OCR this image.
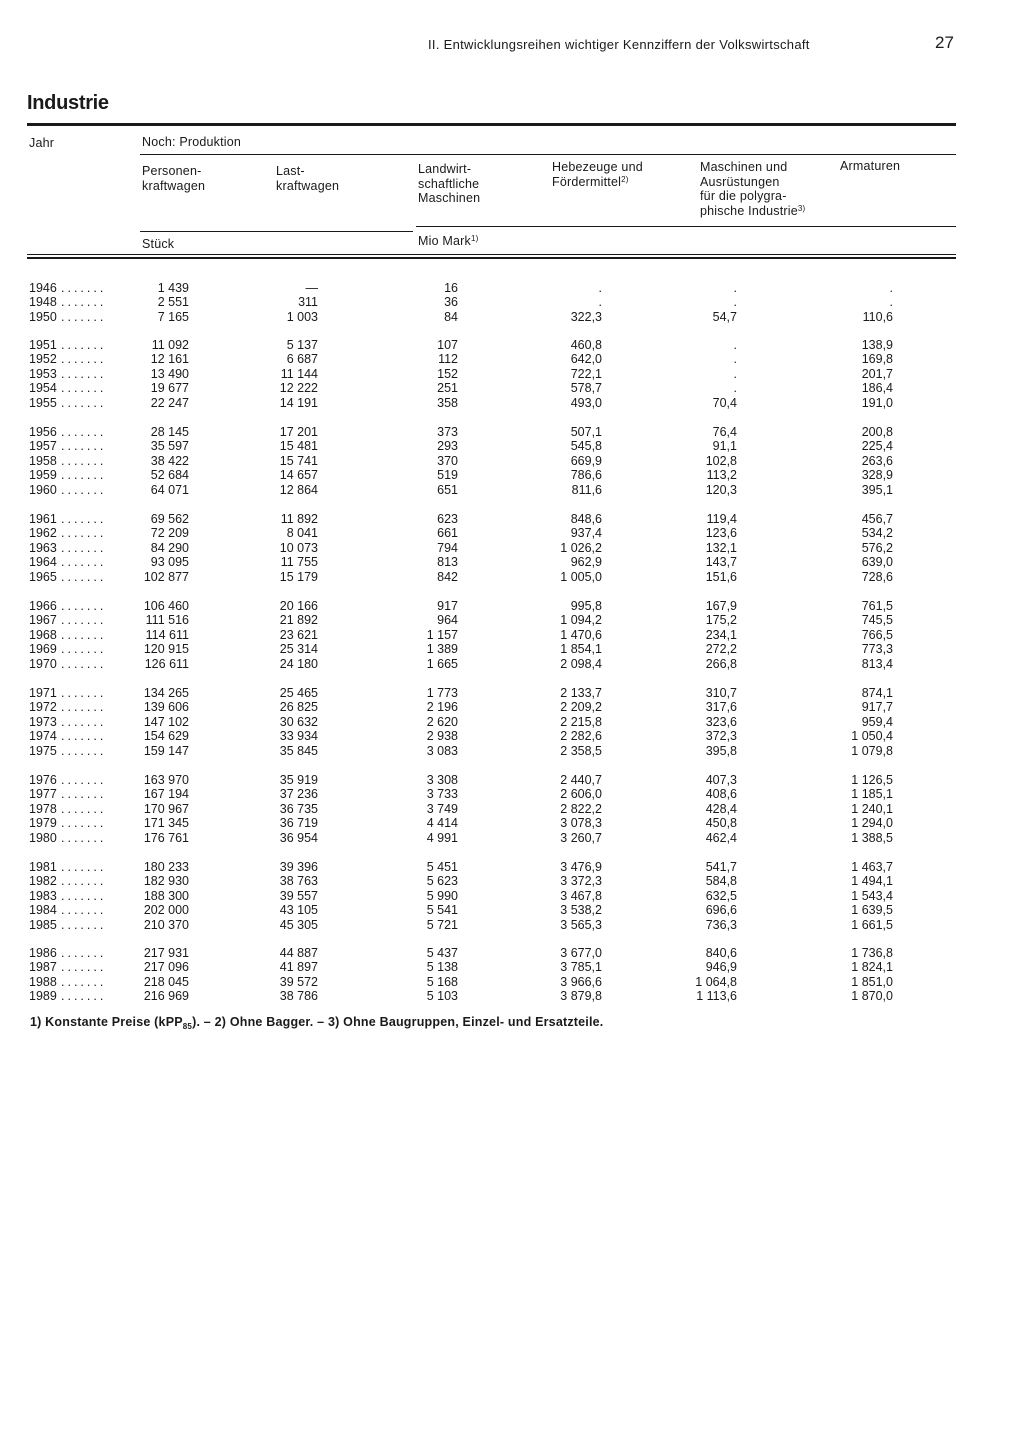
II. Entwicklungsreihen wichtiger Kennziffern der Volkswirtschaft	27
Industrie
Jahr	Noch: Produktion
Personen-
kraftwagen
Last-
kraftwagen
Landwirt-
schaftliche
Maschinen
Hebezeuge und
Fördermittel$^{2)}$
Maschinen und
Ausrüstungen
für die polygra-
phische Industrie$^{3)}$
Armaturen
Stück	Mio Mark$^{1)}$
1946 .......	1 439	—	16	.	.	.
1948 .......	2 551	311	36	.	.	.
1950 .......	7 165	1 003	84	322,3	54,7	110,6
1951 .......	11 092	5 137	107	460,8	.	138,9
1952 .......	12 161	6 687	112	642,0	.	169,8
1953 .......	13 490	11 144	152	722,1	.	201,7
1954 .......	19 677	12 222	251	578,7	.	186,4
1955 .......	22 247	14 191	358	493,0	70,4	191,0
1956 .......	28 145	17 201	373	507,1	76,4	200,8
1957 .......	35 597	15 481	293	545,8	91,1	225,4
1958 .......	38 422	15 741	370	669,9	102,8	263,6
1959 .......	52 684	14 657	519	786,6	113,2	328,9
1960 .......	64 071	12 864	651	811,6	120,3	395,1
1961 .......	69 562	11 892	623	848,6	119,4	456,7
1962 .......	72 209	8 041	661	937,4	123,6	534,2
1963 .......	84 290	10 073	794	1 026,2	132,1	576,2
1964 .......	93 095	11 755	813	962,9	143,7	639,0
1965 .......	102 877	15 179	842	1 005,0	151,6	728,6
1966 .......	106 460	20 166	917	995,8	167,9	761,5
1967 .......	111 516	21 892	964	1 094,2	175,2	745,5
1968 .......	114 611	23 621	1 157	1 470,6	234,1	766,5
1969 .......	120 915	25 314	1 389	1 854,1	272,2	773,3
1970 .......	126 611	24 180	1 665	2 098,4	266,8	813,4
1971 .......	134 265	25 465	1 773	2 133,7	310,7	874,1
1972 .......	139 606	26 825	2 196	2 209,2	317,6	917,7
1973 .......	147 102	30 632	2 620	2 215,8	323,6	959,4
1974 .......	154 629	33 934	2 938	2 282,6	372,3	1 050,4
1975 .......	159 147	35 845	3 083	2 358,5	395,8	1 079,8
1976 .......	163 970	35 919	3 308	2 440,7	407,3	1 126,5
1977 .......	167 194	37 236	3 733	2 606,0	408,6	1 185,1
1978 .......	170 967	36 735	3 749	2 822,2	428,4	1 240,1
1979 .......	171 345	36 719	4 414	3 078,3	450,8	1 294,0
1980 .......	176 761	36 954	4 991	3 260,7	462,4	1 388,5
1981 .......	180 233	39 396	5 451	3 476,9	541,7	1 463,7
1982 .......	182 930	38 763	5 623	3 372,3	584,8	1 494,1
1983 .......	188 300	39 557	5 990	3 467,8	632,5	1 543,4
1984 .......	202 000	43 105	5 541	3 538,2	696,6	1 639,5
1985 .......	210 370	45 305	5 721	3 565,3	736,3	1 661,5
1986 .......	217 931	44 887	5 437	3 677,0	840,6	1 736,8
1987 .......	217 096	41 897	5 138	3 785,1	946,9	1 824,1
1988 .......	218 045	39 572	5 168	3 966,6	1 064,8	1 851,0
1989 .......	216 969	38 786	5 103	3 879,8	1 113,6	1 870,0
1) Konstante Preise (kPP$_{85}$). – 2) Ohne Bagger. – 3) Ohne Baugruppen, Einzel- und Ersatzteile.
